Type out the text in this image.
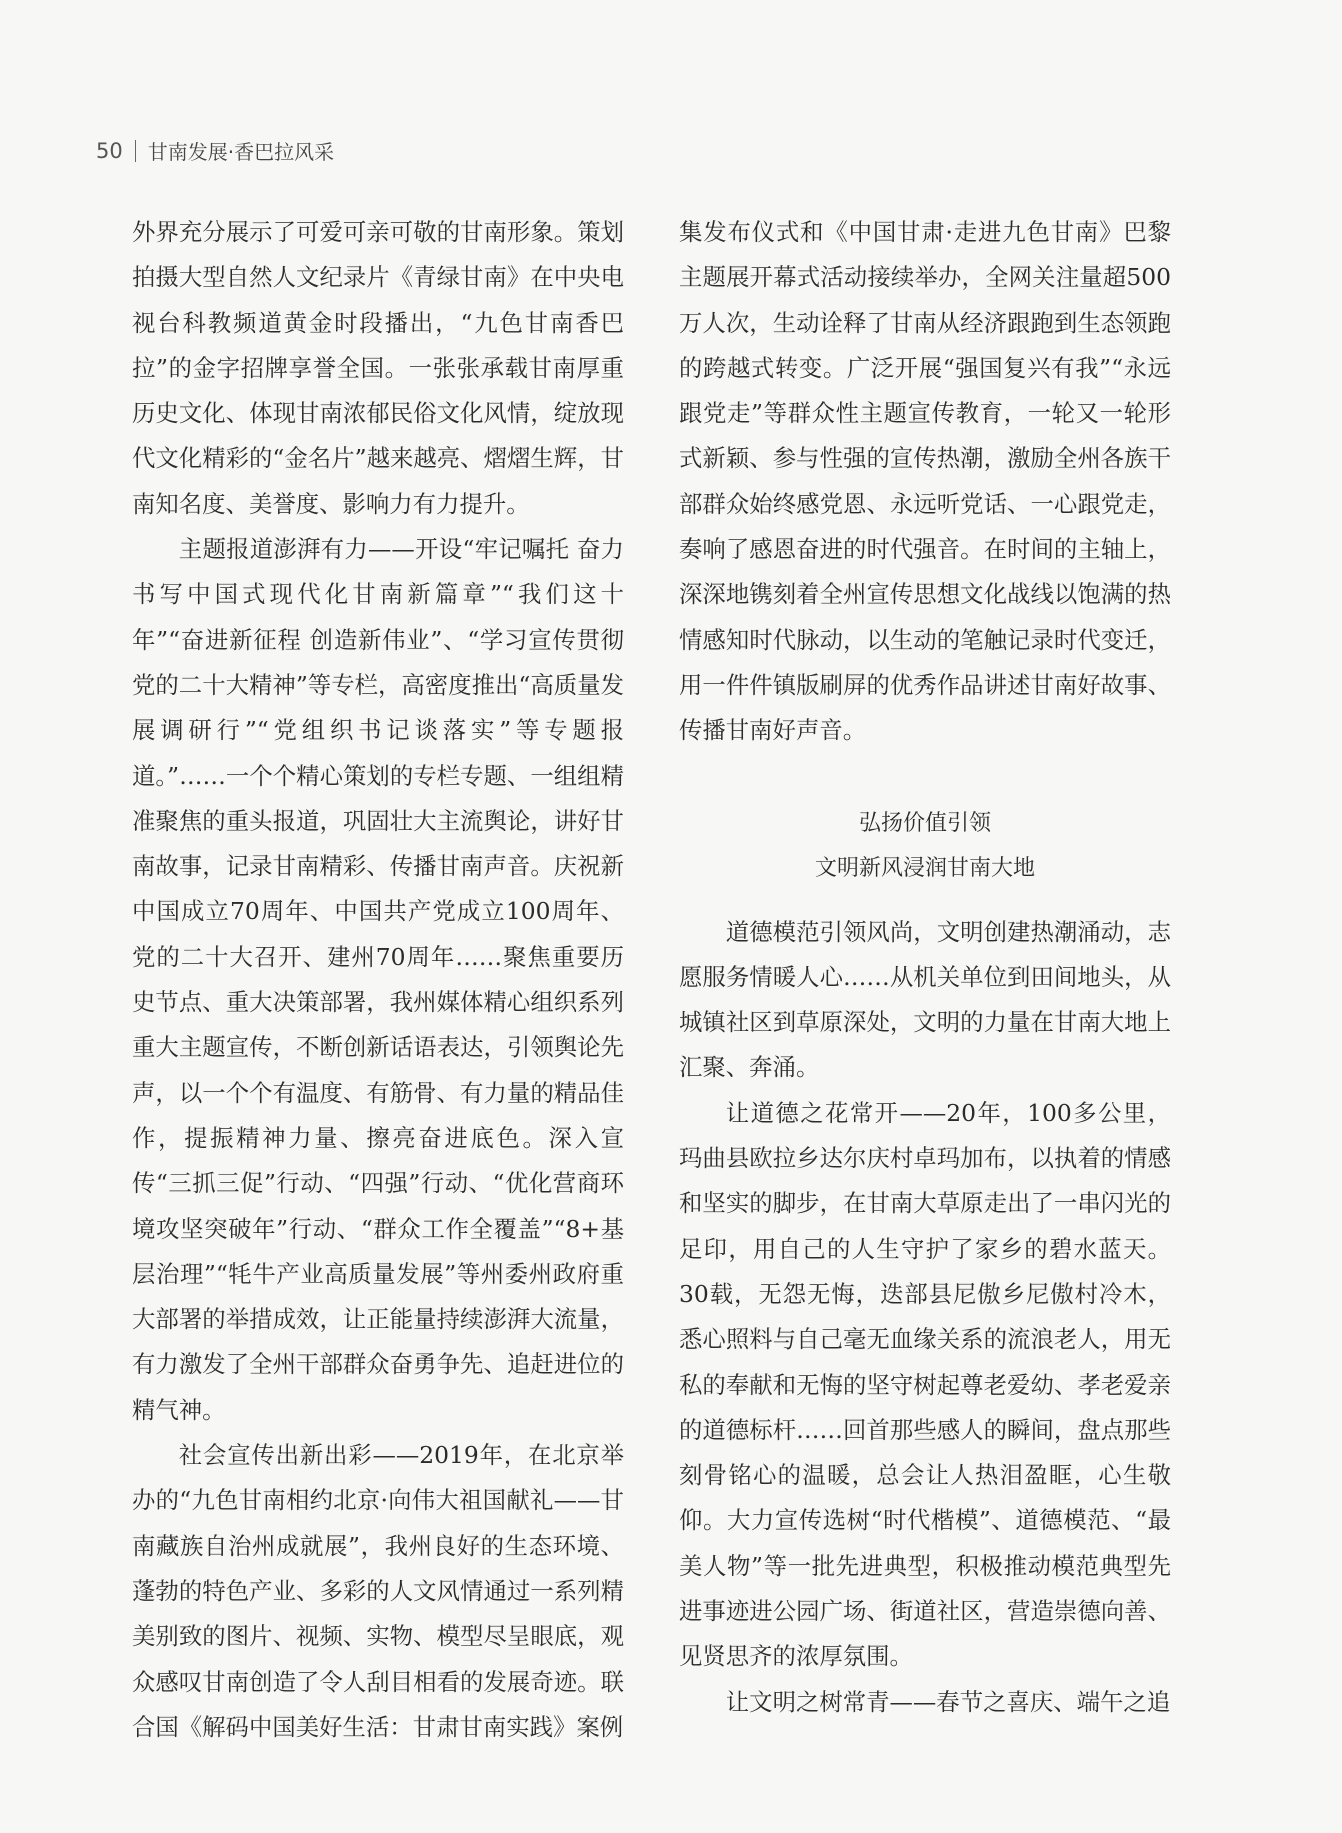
50 甘南发展·香巴拉风采

外界充分展示了可爱可亲可敬的甘南形象。策划拍摄大型自然人文纪录片《青绿甘南》在中央电视台科教频道黄金时段播出，“九色甘南香巴拉”的金字招牌享誉全国。一张张承载甘南厚重历史文化、体现甘南浓郁民俗文化风情，绽放现代文化精彩的“金名片”越来越亮、熠熠生辉，甘南知名度、美誉度、影响力有力提升。

主题报道澎湃有力——开设“牢记嘱托 奋力书写中国式现代化甘南新篇章”“我们这十年”“奋进新征程 创造新伟业”、“学习宣传贯彻党的二十大精神”等专栏，高密度推出“高质量发展调研行”“党组织书记谈落实”等专题报道。”……一个个精心策划的专栏专题、一组组精准聚焦的重头报道，巩固壮大主流舆论，讲好甘南故事，记录甘南精彩、传播甘南声音。庆祝新中国成立70周年、中国共产党成立100周年、党的二十大召开、建州70周年……聚焦重要历史节点、重大决策部署，我州媒体精心组织系列重大主题宣传，不断创新话语表达，引领舆论先声，以一个个有温度、有筋骨、有力量的精品佳作，提振精神力量、擦亮奋进底色。深入宣传“三抓三促”行动、“四强”行动、“优化营商环境攻坚突破年”行动、“群众工作全覆盖”“8+基层治理”“牦牛产业高质量发展”等州委州政府重大部署的举措成效，让正能量持续澎湃大流量，有力激发了全州干部群众奋勇争先、追赶进位的精气神。

社会宣传出新出彩——2019年，在北京举办的“九色甘南相约北京·向伟大祖国献礼——甘南藏族自治州成就展”，我州良好的生态环境、蓬勃的特色产业、多彩的人文风情通过一系列精美别致的图片、视频、实物、模型尽呈眼底，观众感叹甘南创造了令人刮目相看的发展奇迹。联合国《解码中国美好生活：甘肃甘南实践》案例

集发布仪式和《中国甘肃·走进九色甘南》巴黎主题展开幕式活动接续举办，全网关注量超500万人次，生动诠释了甘南从经济跟跑到生态领跑的跨越式转变。广泛开展“强国复兴有我”“永远跟党走”等群众性主题宣传教育，一轮又一轮形式新颖、参与性强的宣传热潮，激励全州各族干部群众始终感党恩、永远听党话、一心跟党走，奏响了感恩奋进的时代强音。在时间的主轴上，深深地镌刻着全州宣传思想文化战线以饱满的热情感知时代脉动，以生动的笔触记录时代变迁，用一件件镇版刷屏的优秀作品讲述甘南好故事、传播甘南好声音。

弘扬价值引领
文明新风浸润甘南大地

道德模范引领风尚，文明创建热潮涌动，志愿服务情暖人心……从机关单位到田间地头，从城镇社区到草原深处，文明的力量在甘南大地上汇聚、奔涌。

让道德之花常开——20年，100多公里，玛曲县欧拉乡达尔庆村卓玛加布，以执着的情感和坚实的脚步，在甘南大草原走出了一串闪光的足印，用自己的人生守护了家乡的碧水蓝天。30载，无怨无悔，迭部县尼傲乡尼傲村冷木，悉心照料与自己毫无血缘关系的流浪老人，用无私的奉献和无悔的坚守树起尊老爱幼、孝老爱亲的道德标杆……回首那些感人的瞬间，盘点那些刻骨铭心的温暖，总会让人热泪盈眶，心生敬仰。大力宣传选树“时代楷模”、道德模范、“最美人物”等一批先进典型，积极推动模范典型先进事迹进公园广场、街道社区，营造崇德向善、见贤思齐的浓厚氛围。

让文明之树常青——春节之喜庆、端午之追
